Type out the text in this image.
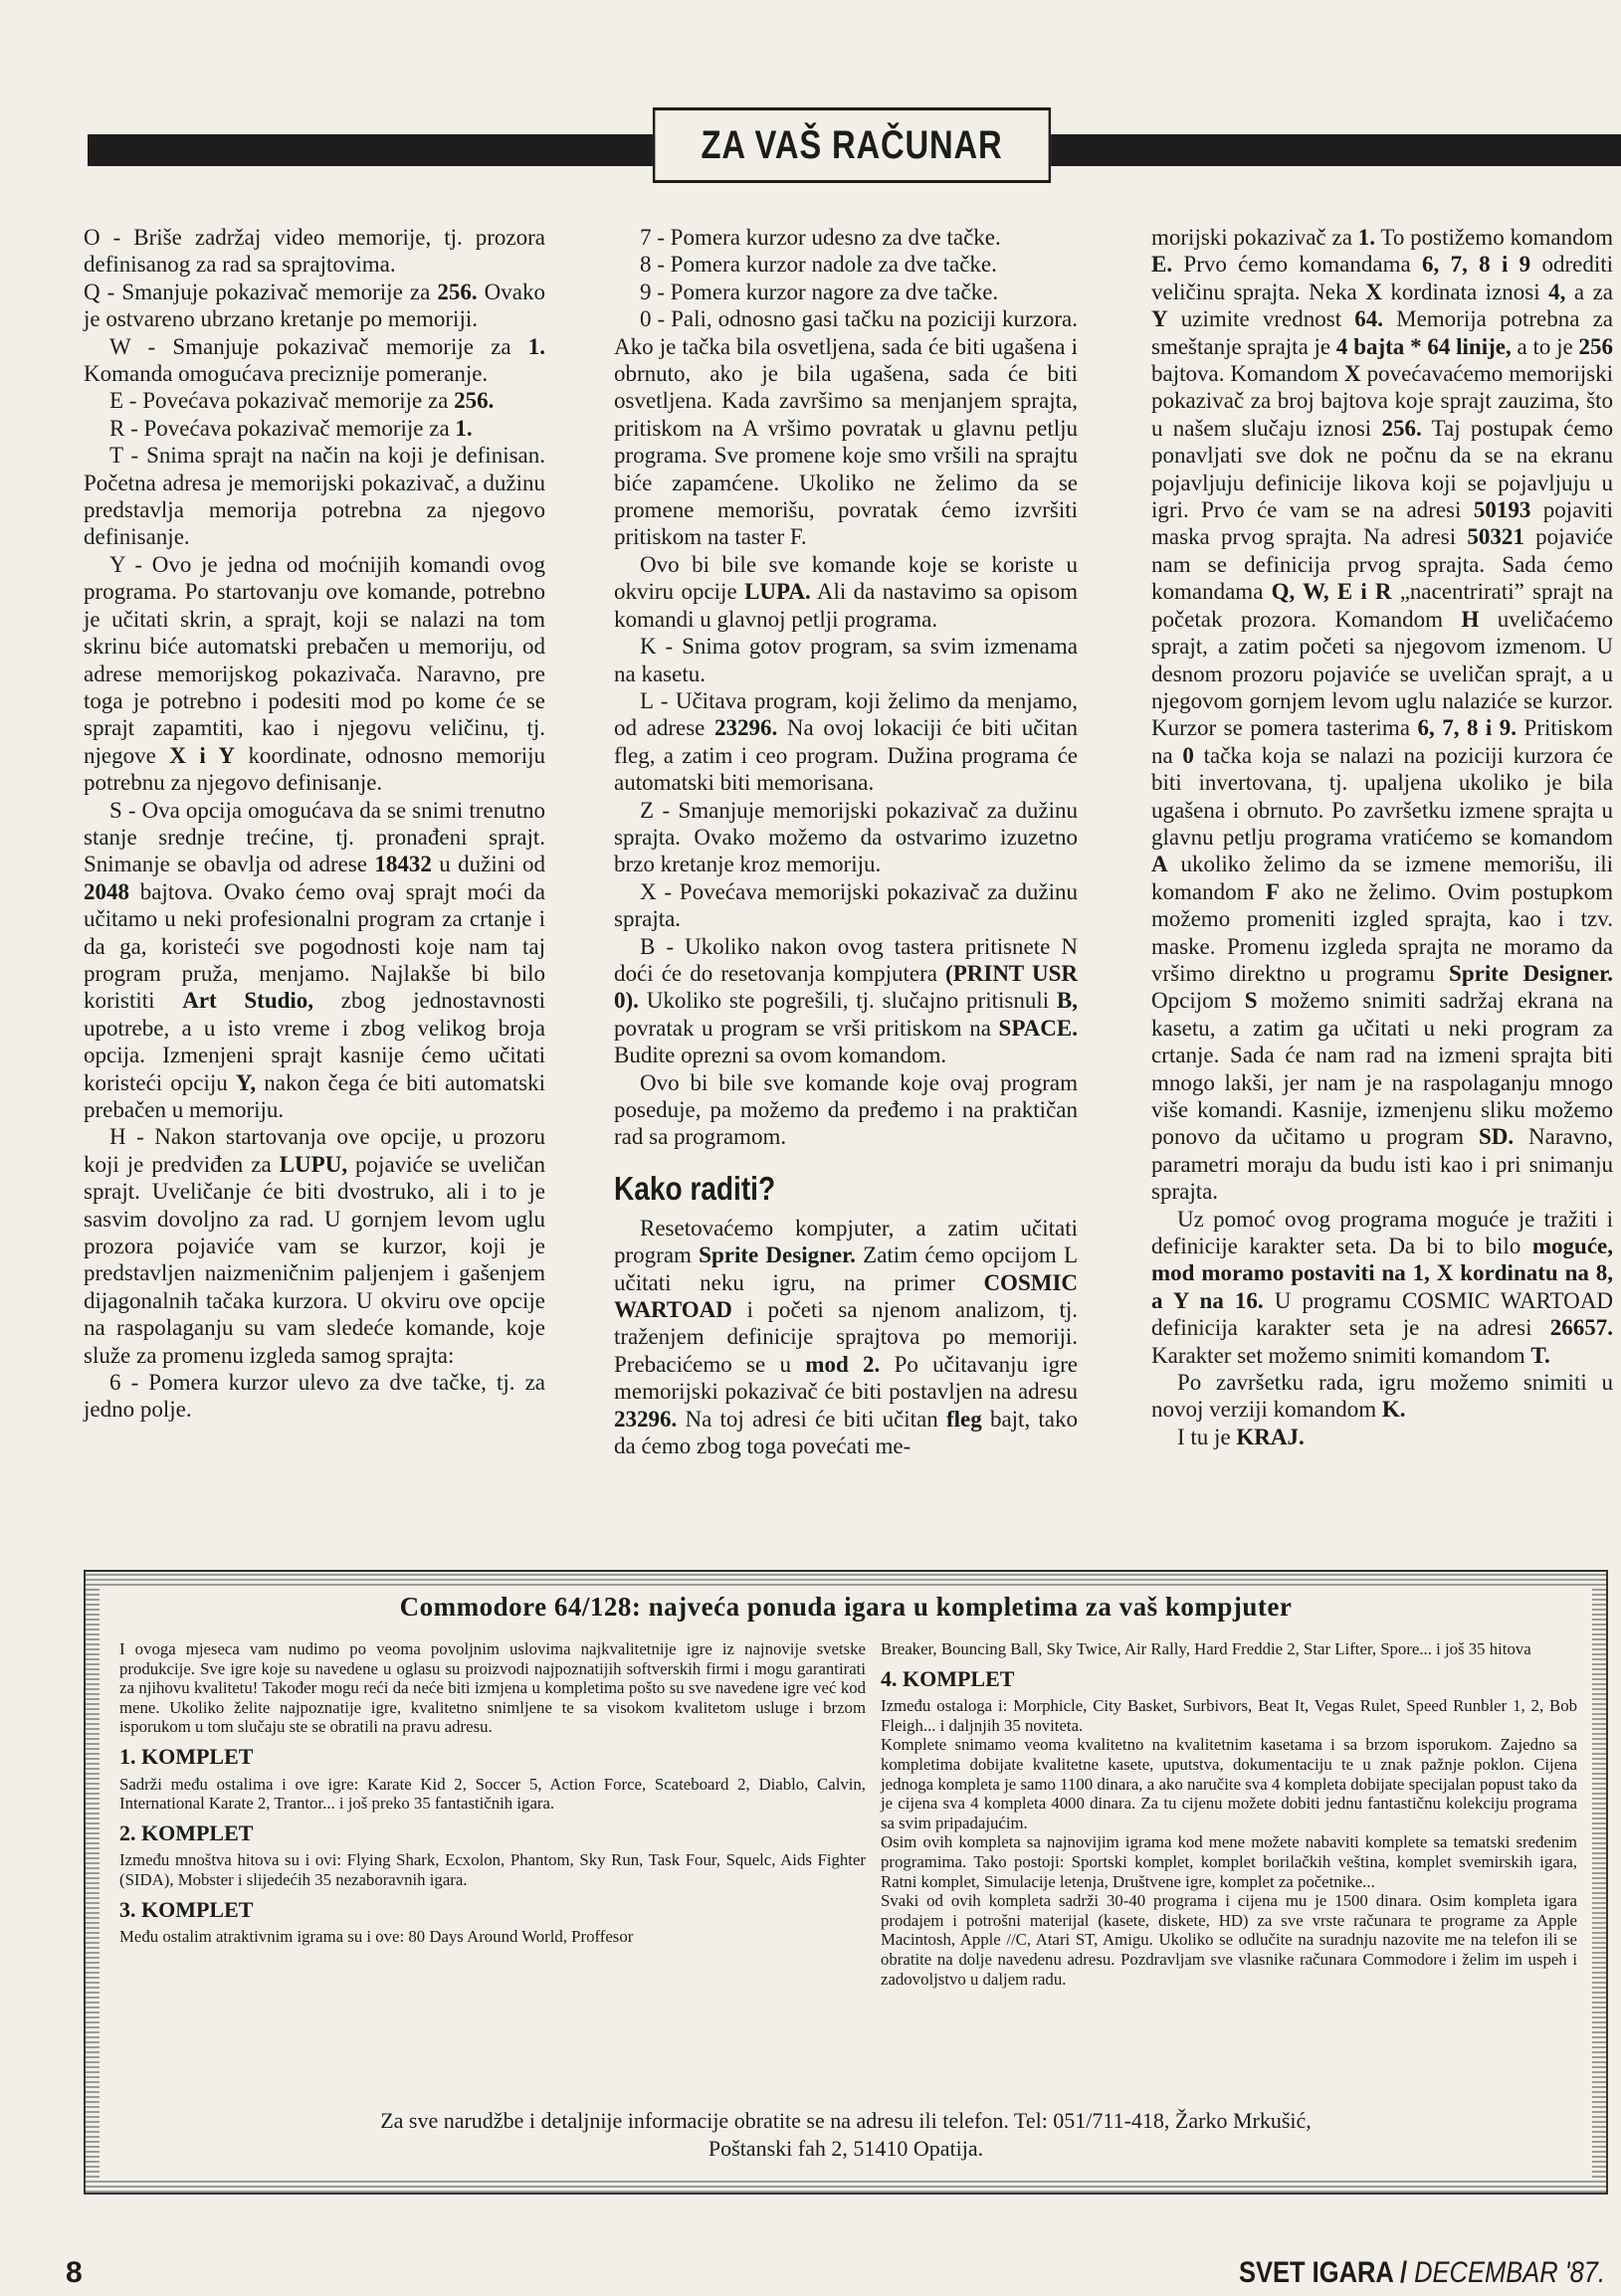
ZA VAŠ RAČUNAR

O - Briše zadržaj video memorije, tj. prozora definisanog za rad sa sprajtovima.

Q - Smanjuje pokazivač memorije za 256. Ovako je ostvareno ubrzano kretanje po memoriji.

W - Smanjuje pokazivač memorije za 1. Komanda omogućava preciznije pomeranje.

E - Povećava pokazivač memorije za 256.

R - Povećava pokazivač memorije za 1.

T - Snima sprajt na način na koji je definisan. Početna adresa je memorijski pokazivač, a dužinu predstavlja memorija potrebna za njegovo definisanje.

Y - Ovo je jedna od moćnijih komandi ovog programa. Po startovanju ove komande, potrebno je učitati skrin, a sprajt, koji se nalazi na tom skrinu biće automatski prebačen u memoriju, od adrese memorijskog pokazivača. Naravno, pre toga je potrebno i podesiti mod po kome će se sprajt zapamtiti, kao i njegovu veličinu, tj. njegove X i Y koordinate, odnosno memoriju potrebnu za njegovo definisanje.

S - Ova opcija omogućava da se snimi trenutno stanje srednje trećine, tj. pronađeni sprajt. Snimanje se obavlja od adrese 18432 u dužini od 2048 bajtova. Ovako ćemo ovaj sprajt moći da učitamo u neki profesionalni program za crtanje i da ga, koristeći sve pogodnosti koje nam taj program pruža, menjamo. Najlakše bi bilo koristiti Art Studio, zbog jednostavnosti upotrebe, a u isto vreme i zbog velikog broja opcija. Izmenjeni sprajt kasnije ćemo učitati koristeći opciju Y, nakon čega će biti automatski prebačen u memoriju.

H - Nakon startovanja ove opcije, u prozoru koji je predviđen za LUPU, pojaviće se uveličan sprajt. Uveličanje će biti dvostruko, ali i to je sasvim dovoljno za rad. U gornjem levom uglu prozora pojaviće vam se kurzor, koji je predstavljen naizmeničnim paljenjem i gašenjem dijagonalnih tačaka kurzora. U okviru ove opcije na raspolaganju su vam sledeće komande, koje služe za promenu izgleda samog sprajta:

6 - Pomera kurzor ulevo za dve tačke, tj. za jedno polje.

7 - Pomera kurzor udesno za dve tačke.

8 - Pomera kurzor nadole za dve tačke.

9 - Pomera kurzor nagore za dve tačke.

0 - Pali, odnosno gasi tačku na poziciji kurzora. Ako je tačka bila osvetljena, sada će biti ugašena i obrnuto, ako je bila ugašena, sada će biti osvetljena. Kada završimo sa menjanjem sprajta, pritiskom na A vršimo povratak u glavnu petlju programa. Sve promene koje smo vršili na sprajtu biće zapamćene. Ukoliko ne želimo da se promene memorišu, povratak ćemo izvršiti pritiskom na taster F.

Ovo bi bile sve komande koje se koriste u okviru opcije LUPA. Ali da nastavimo sa opisom komandi u glavnoj petlji programa.

K - Snima gotov program, sa svim izmenama na kasetu.

L - Učitava program, koji želimo da menjamo, od adrese 23296. Na ovoj lokaciji će biti učitan fleg, a zatim i ceo program. Dužina programa će automatski biti memorisana.

Z - Smanjuje memorijski pokazivač za dužinu sprajta. Ovako možemo da ostvarimo izuzetno brzo kretanje kroz memoriju.

X - Povećava memorijski pokazivač za dužinu sprajta.

B - Ukoliko nakon ovog tastera pritisnete N doći će do resetovanja kompjutera (PRINT USR 0). Ukoliko ste pogrešili, tj. slučajno pritisnuli B, povratak u program se vrši pritiskom na SPACE. Budite oprezni sa ovom komandom.

Ovo bi bile sve komande koje ovaj program poseduje, pa možemo da pređemo i na praktičan rad sa programom.

Kako raditi?

Resetovaćemo kompjuter, a zatim učitati program Sprite Designer. Zatim ćemo opcijom L učitati neku igru, na primer COSMIC WARTOAD i početi sa njenom analizom, tj. traženjem definicije sprajtova po memoriji. Prebacićemo se u mod 2. Po učitavanju igre memorijski pokazivač će biti postavljen na adresu 23296. Na toj adresi će biti učitan fleg bajt, tako da ćemo zbog toga povećati me-

morijski pokazivač za 1. To postižemo komandom E. Prvo ćemo komandama 6, 7, 8 i 9 odrediti veličinu sprajta. Neka X kordinata iznosi 4, a za Y uzimite vrednost 64. Memorija potrebna za smeštanje sprajta je 4 bajta * 64 linije, a to je 256 bajtova. Komandom X povećavaćemo memorijski pokazivač za broj bajtova koje sprajt zauzima, što u našem slučaju iznosi 256. Taj postupak ćemo ponavljati sve dok ne počnu da se na ekranu pojavljuju definicije likova koji se pojavljuju u igri. Prvo će vam se na adresi 50193 pojaviti maska prvog sprajta. Na adresi 50321 pojaviće nam se definicija prvog sprajta. Sada ćemo komandama Q, W, E i R „nacentrirati” sprajt na početak prozora. Komandom H uveličaćemo sprajt, a zatim početi sa njegovom izmenom. U desnom prozoru pojaviće se uveličan sprajt, a u njegovom gornjem levom uglu nalaziće se kurzor. Kurzor se pomera tasterima 6, 7, 8 i 9. Pritiskom na 0 tačka koja se nalazi na poziciji kurzora će biti invertovana, tj. upaljena ukoliko je bila ugašena i obrnuto. Po završetku izmene sprajta u glavnu petlju programa vratićemo se komandom A ukoliko želimo da se izmene memorišu, ili komandom F ako ne želimo. Ovim postupkom možemo promeniti izgled sprajta, kao i tzv. maske. Promenu izgleda sprajta ne moramo da vršimo direktno u programu Sprite Designer. Opcijom S možemo snimiti sadržaj ekrana na kasetu, a zatim ga učitati u neki program za crtanje. Sada će nam rad na izmeni sprajta biti mnogo lakši, jer nam je na raspolaganju mnogo više komandi. Kasnije, izmenjenu sliku možemo ponovo da učitamo u program SD. Naravno, parametri moraju da budu isti kao i pri snimanju sprajta.

Uz pomoć ovog programa moguće je tražiti i definicije karakter seta. Da bi to bilo moguće, mod moramo postaviti na 1, X kordinatu na 8, a Y na 16. U programu COSMIC WARTOAD definicija karakter seta je na adresi 26657. Karakter set možemo snimiti komandom T.

Po završetku rada, igru možemo snimiti u novoj verziji komandom K.

I tu je KRAJ.

Commodore 64/128: najveća ponuda igara u kompletima za vaš kompjuter

I ovoga mjeseca vam nudimo po veoma povoljnim uslovima najkvalitetnije igre iz najnovije svetske produkcije. Sve igre koje su navedene u oglasu su proizvodi najpoznatijih softverskih firmi i mogu garantirati za njihovu kvalitetu! Također mogu reći da neće biti izmjena u kompletima pošto su sve navedene igre već kod mene. Ukoliko želite najpoznatije igre, kvalitetno snimljene te sa visokom kvalitetom usluge i brzom isporukom u tom slučaju ste se obratili na pravu adresu.

1. KOMPLET

Sadrži među ostalima i ove igre: Karate Kid 2, Soccer 5, Action Force, Scateboard 2, Diablo, Calvin, International Karate 2, Trantor... i još preko 35 fantastičnih igara.

2. KOMPLET

Između mnoštva hitova su i ovi: Flying Shark, Ecxolon, Phantom, Sky Run, Task Four, Squelc, Aids Fighter (SIDA), Mobster i slijedećih 35 nezaboravnih igara.

3. KOMPLET

Među ostalim atraktivnim igrama su i ove: 80 Days Around World, Proffesor

Breaker, Bouncing Ball, Sky Twice, Air Rally, Hard Freddie 2, Star Lifter, Spore... i još 35 hitova

4. KOMPLET

Između ostaloga i: Morphicle, City Basket, Surbivors, Beat It, Vegas Rulet, Speed Runbler 1, 2, Bob Fleigh... i daljnjih 35 noviteta.

Komplete snimamo veoma kvalitetno na kvalitetnim kasetama i sa brzom isporukom. Zajedno sa kompletima dobijate kvalitetne kasete, uputstva, dokumentaciju te u znak pažnje poklon. Cijena jednoga kompleta je samo 1100 dinara, a ako naručite sva 4 kompleta dobijate specijalan popust tako da je cijena sva 4 kompleta 4000 dinara. Za tu cijenu možete dobiti jednu fantastičnu kolekciju programa sa svim pripadajućim.

Osim ovih kompleta sa najnovijim igrama kod mene možete nabaviti komplete sa tematski sređenim programima. Tako postoji: Sportski komplet, komplet borilačkih veština, komplet svemirskih igara, Ratni komplet, Simulacije letenja, Društvene igre, komplet za početnike...

Svaki od ovih kompleta sadrži 30-40 programa i cijena mu je 1500 dinara. Osim kompleta igara prodajem i potrošni materijal (kasete, diskete, HD) za sve vrste računara te programe za Apple Macintosh, Apple //C, Atari ST, Amigu. Ukoliko se odlučite na suradnju nazovite me na telefon ili se obratite na dolje navedenu adresu. Pozdravljam sve vlasnike računara Commodore i želim im uspeh i zadovoljstvo u daljem radu.

Za sve narudžbe i detaljnije informacije obratite se na adresu ili telefon. Tel: 051/711-418, Žarko Mrkušić,
Poštanski fah 2, 51410 Opatija.
8	SVET IGARA / DECEMBAR '87.
